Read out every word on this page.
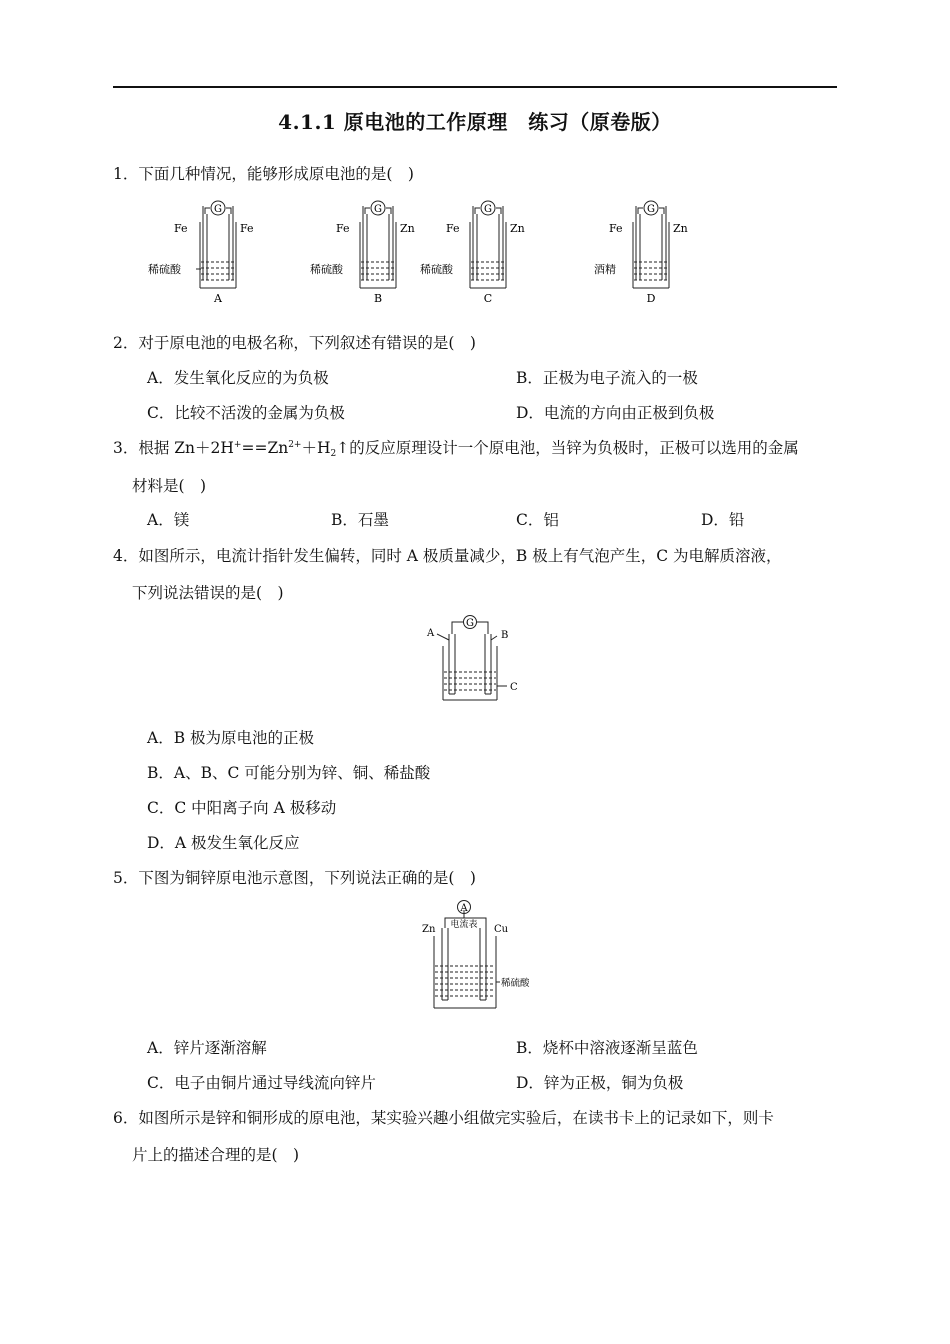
4.1.1 原电池的工作原理　练习（原卷版）
1．下面几种情况，能够形成原电池的是(　)
G
Fe	Fe
稀硫酸
A
G
Fe	Zn
稀硫酸
B
G
Fe	Zn
稀硫酸
C
G
Fe	Zn
酒精
D
2．对于原电池的电极名称，下列叙述有错误的是(　)
A．发生氧化反应的为负极	B．正极为电子流入的一极
C．比较不活泼的金属为负极	D．电流的方向由正极到负极
3．根据 $Zn+2H^+==Zn^{2+}+H_2↑$的反应原理设计一个原电池，当锌为负极时，正极可以选用的金属
材料是(　)
A．镁	B．石墨	C．铝	D．铅
4．如图所示，电流计指针发生偏转，同时 A 极质量减少，B 极上有气泡产生，C 为电解质溶液，
下列说法错误的是(　)
G
A	B
C
A．B 极为原电池的正极
B．A、B、C 可能分别为锌、铜、稀盐酸
C．C 中阳离子向 A 极移动
D．A 极发生氧化反应
5．下图为铜锌原电池示意图，下列说法正确的是(　)
A
电流表
Zn	Cu
稀硫酸
A．锌片逐渐溶解	B．烧杯中溶液逐渐呈蓝色
C．电子由铜片通过导线流向锌片	D．锌为正极，铜为负极
6．如图所示是锌和铜形成的原电池，某实验兴趣小组做完实验后，在读书卡上的记录如下，则卡
片上的描述合理的是(　)
